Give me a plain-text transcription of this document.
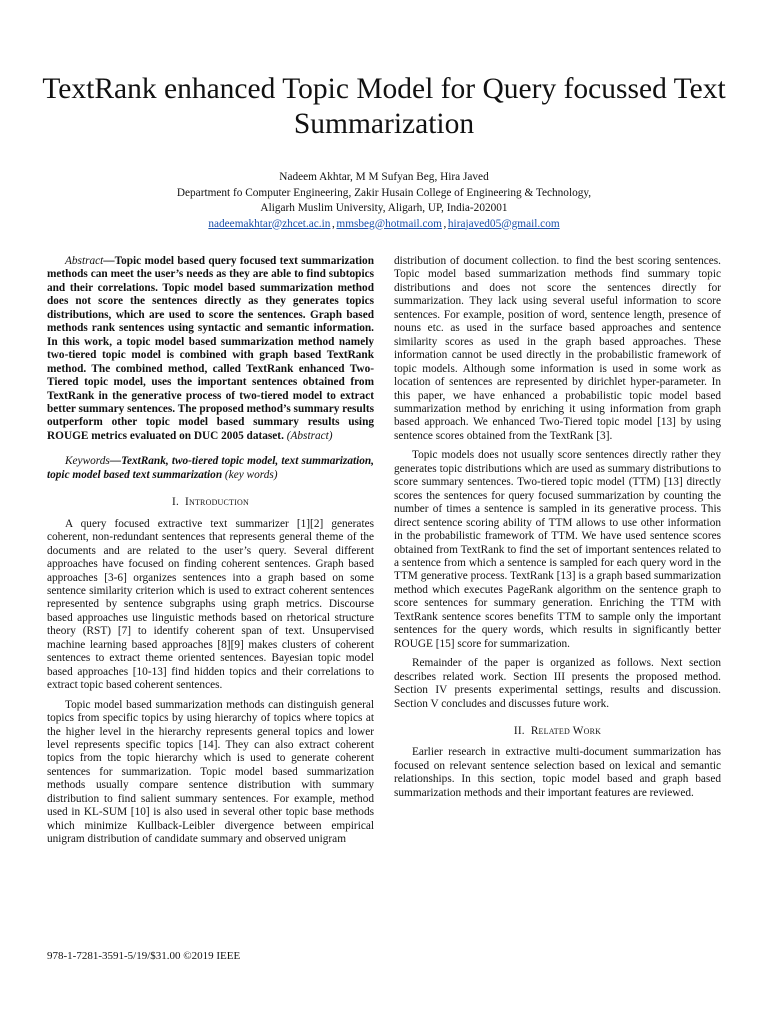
TextRank enhanced Topic Model for Query focussed Text Summarization
Nadeem Akhtar, M M Sufyan Beg, Hira Javed
Department fo Computer Engineering, Zakir Husain College of Engineering & Technology,
Aligarh Muslim University, Aligarh, UP, India-202001
nadeemakhtar@zhcet.ac.in , mmsbeg@hotmail.com , hirajaved05@gmail.com

Abstract—Topic model based query focused text summarization methods can meet the user’s needs as they are able to find subtopics and their correlations. Topic model based summarization method does not score the sentences directly as they generates topics distributions, which are used to score the sentences. Graph based methods rank sentences using syntactic and semantic information. In this work, a topic model based summarization method namely two-tiered topic model is combined with graph based TextRank method. The combined method, called TextRank enhanced Two-Tiered topic model, uses the important sentences obtained from TextRank in the generative process of two-tiered model to extract better summary sentences. The proposed method’s summary results outperform other topic model based summary results using ROUGE metrics evaluated on DUC 2005 dataset. (Abstract)

Keywords—TextRank, two-tiered topic model, text summarization, topic model based text summarization (key words)

I. Introduction

A query focused extractive text summarizer [1][2] generates coherent, non-redundant sentences that represents general theme of the documents and are related to the user’s query. Several different approaches have focused on finding coherent sentences. Graph based approaches [3-6] organizes sentences into a graph based on some sentence similarity criterion which is used to extract coherent sentences represented by sentence subgraphs using graph metrics. Discourse based approaches use linguistic methods based on rhetorical structure theory (RST) [7] to identify coherent span of text. Unsupervised machine learning based approaches [8][9] makes clusters of coherent sentences to extract theme oriented sentences. Bayesian topic model based approaches [10-13] find hidden topics and their correlations to extract topic based coherent sentences.

Topic model based summarization methods can distinguish general topics from specific topics by using hierarchy of topics where topics at the higher level in the hierarchy represents general topics and lower level represents specific topics [14]. They can also extract coherent topics from the topic hierarchy which is used to generate coherent sentences for summarization. Topic model based summarization methods usually compare sentence distribution with summary distribution to find salient summary sentences. For example, method used in KL-SUM [10] is also used in several other topic base methods which minimize Kullback-Leibler divergence between empirical unigram distribution of candidate summary and observed unigram

distribution of document collection. to find the best scoring sentences. Topic model based summarization methods find summary topic distributions and does not score the sentences directly for summarization. They lack using several useful information to score sentences. For example, position of word, sentence length, presence of nouns etc. as used in the surface based approaches and sentence similarity scores as used in the graph based approaches. These information cannot be used directly in the probabilistic framework of topic models. Although some information is used in some work as location of sentences are represented by dirichlet hyper-parameter. In this paper, we have enhanced a probabilistic topic model based summarization method by enriching it using information from graph based approach. We enhanced Two-Tiered topic model [13] by using sentence scores obtained from the TextRank [3].

Topic models does not usually score sentences directly rather they generates topic distributions which are used as summary distributions to score summary sentences. Two-tiered topic model (TTM) [13] directly scores the sentences for query focused summarization by counting the number of times a sentence is sampled in its generative process. This direct sentence scoring ability of TTM allows to use other information in the probabilistic framework of TTM. We have used sentence scores obtained from TextRank to find the set of important sentences related to a sentence from which a sentence is sampled for each query word in the TTM generative process. TextRank [13] is a graph based summarization method which executes PageRank algorithm on the sentence graph to score sentences for summary generation. Enriching the TTM with TextRank sentence scores benefits TTM to sample only the important sentences for the query words, which results in significantly better ROUGE [15] score for summarization.

Remainder of the paper is organized as follows. Next section describes related work. Section III presents the proposed method. Section IV presents experimental settings, results and discussion. Section V concludes and discusses future work.

II. Related Work

Earlier research in extractive multi-document summarization has focused on relevant sentence selection based on lexical and semantic relationships. In this section, topic model based and graph based summarization methods and their important features are reviewed.

978-1-7281-3591-5/19/$31.00 ©2019 IEEE
